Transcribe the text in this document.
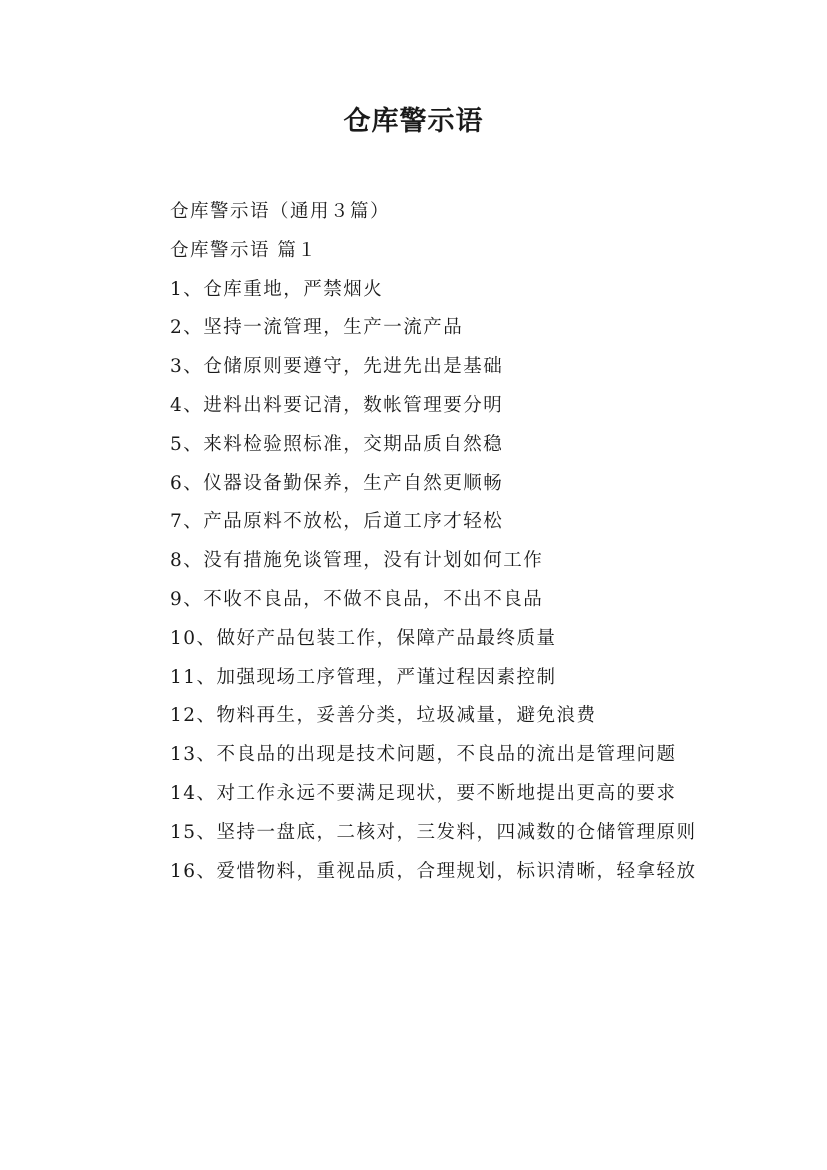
仓库警示语

仓库警示语（通用３篇）

仓库警示语 篇１

1、仓库重地，严禁烟火

2、坚持一流管理，生产一流产品

3、仓储原则要遵守，先进先出是基础

4、进料出料要记清，数帐管理要分明

5、来料检验照标准，交期品质自然稳

6、仪器设备勤保养，生产自然更顺畅

7、产品原料不放松，后道工序才轻松

8、没有措施免谈管理，没有计划如何工作

9、不收不良品，不做不良品，不出不良品

10、做好产品包装工作，保障产品最终质量

11、加强现场工序管理，严谨过程因素控制

12、物料再生，妥善分类，垃圾减量，避免浪费

13、不良品的出现是技术问题，不良品的流出是管理问题

14、对工作永远不要满足现状，要不断地提出更高的要求

15、坚持一盘底，二核对，三发料，四减数的仓储管理原则

16、爱惜物料，重视品质，合理规划，标识清晰，轻拿轻放
